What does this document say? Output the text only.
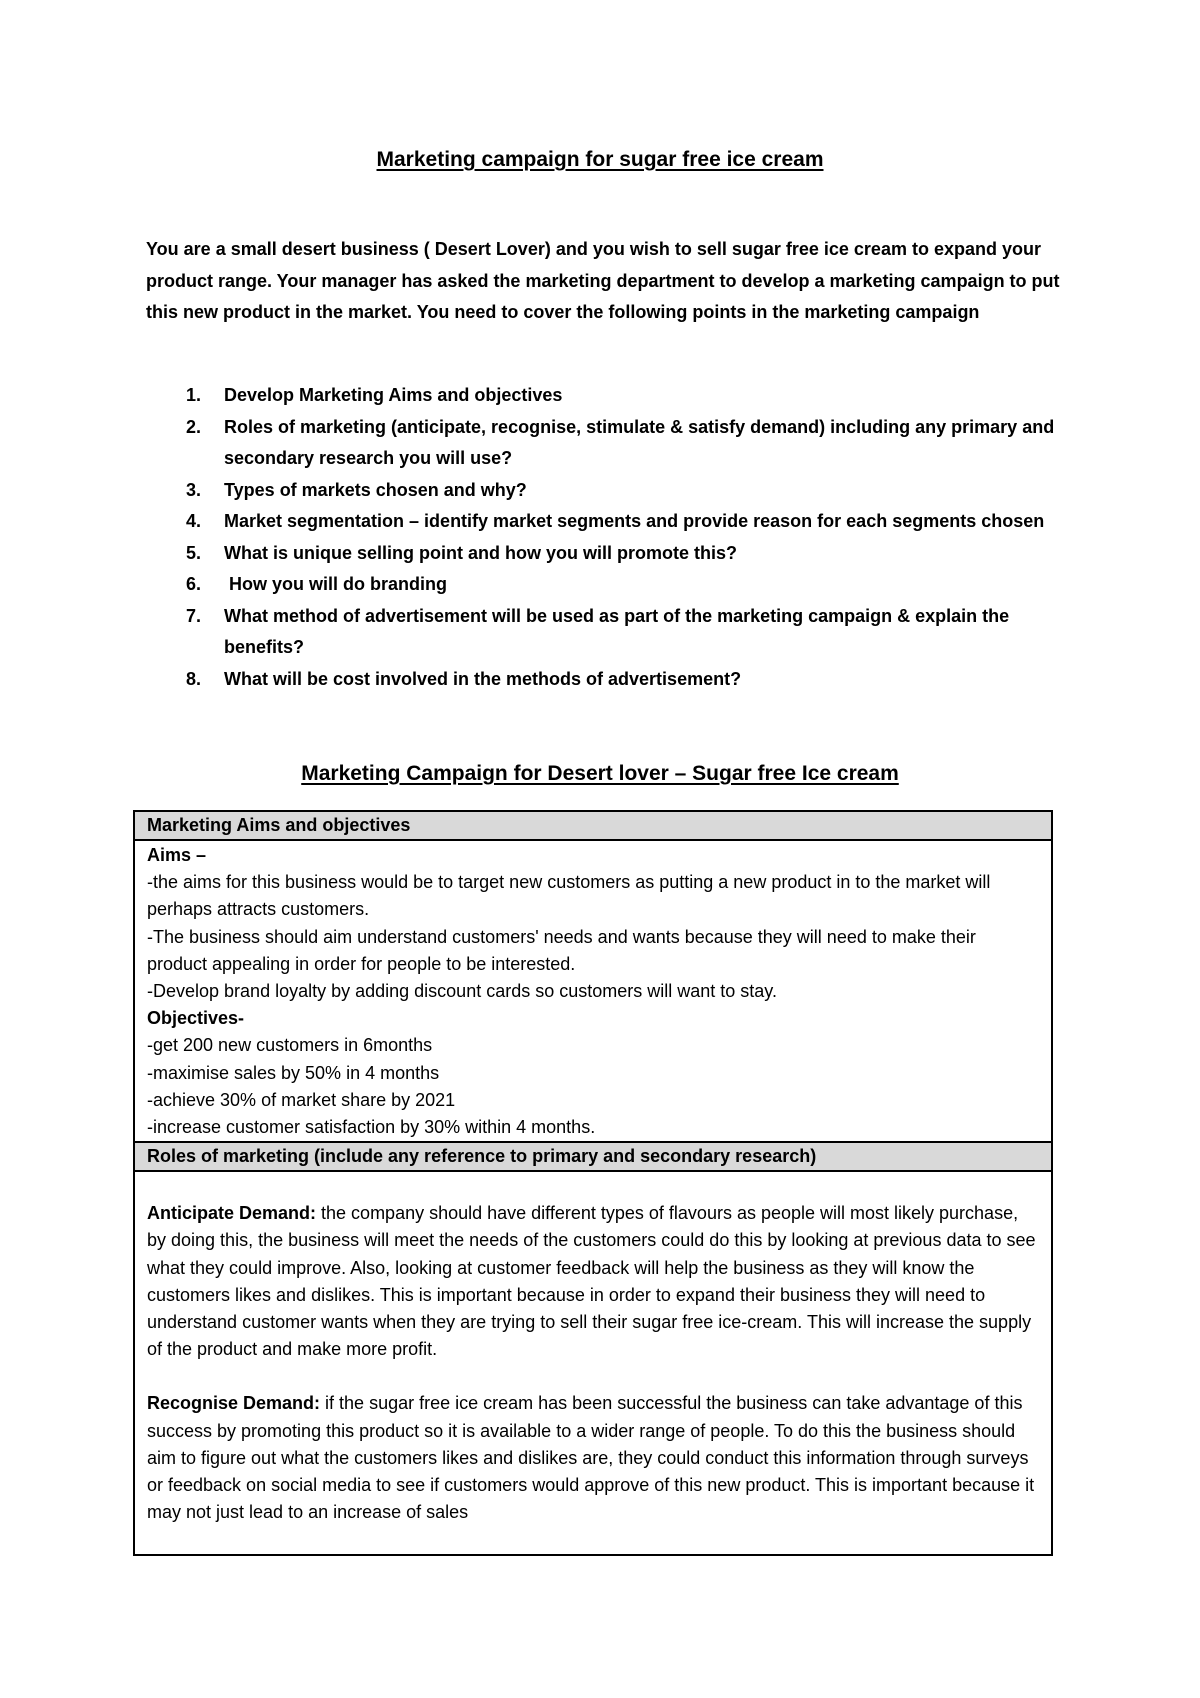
Marketing campaign for sugar free ice cream
You are a small desert business ( Desert Lover) and you wish to sell sugar free ice cream to expand your product range. Your manager has asked the marketing department to develop a marketing campaign to put this new product in the market. You need to cover the following points in the marketing campaign
1. Develop Marketing Aims and objectives
2. Roles of marketing (anticipate, recognise, stimulate & satisfy demand) including any primary and secondary research you will use?
3. Types of markets chosen and why?
4. Market segmentation – identify market segments and provide reason for each segments chosen
5. What is unique selling point and how you will promote this?
6. How you will do branding
7. What method of advertisement will be used as part of the marketing campaign & explain the benefits?
8. What will be cost involved in the methods of advertisement?
Marketing Campaign for Desert lover – Sugar free Ice cream
Marketing Aims and objectives

Aims –

-the aims for this business would be to target new customers as putting a new product in to the market will perhaps attracts customers.

-The business should aim understand customers' needs and wants because they will need to make their product appealing in order for people to be interested.

-Develop brand loyalty by adding discount cards so customers will want to stay.

Objectives-

-get 200 new customers in 6months

-maximise sales by 50% in 4 months

-achieve 30% of market share by 2021

-increase customer satisfaction by 30% within 4 months.

Roles of marketing (include any reference to primary and secondary research)

Anticipate Demand: the company should have different types of flavours as people will most likely purchase, by doing this, the business will meet the needs of the customers could do this by looking at previous data to see what they could improve. Also, looking at customer feedback will help the business as they will know the customers likes and dislikes. This is important because in order to expand their business they will need to understand customer wants when they are trying to sell their sugar free ice-cream. This will increase the supply of the product and make more profit.

Recognise Demand: if the sugar free ice cream has been successful the business can take advantage of this success by promoting this product so it is available to a wider range of people. To do this the business should aim to figure out what the customers likes and dislikes are, they could conduct this information through surveys or feedback on social media to see if customers would approve of this new product. This is important because it may not just lead to an increase of sales
